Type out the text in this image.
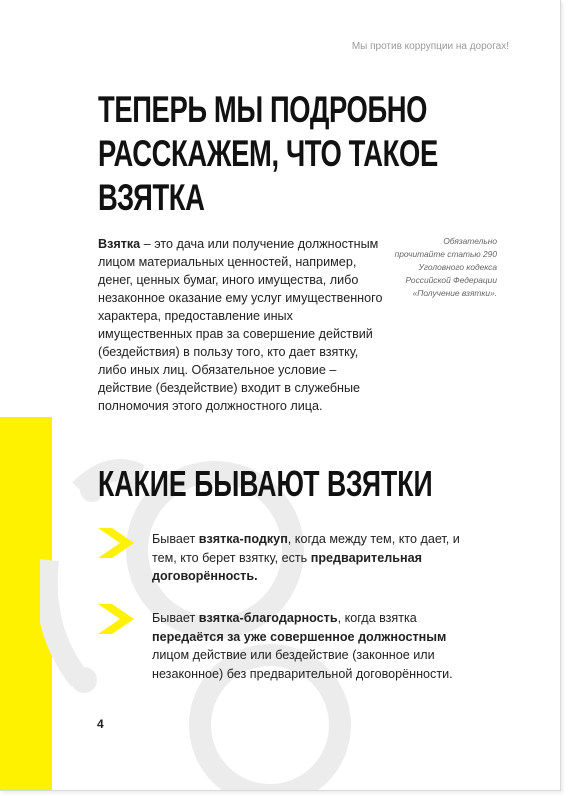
Мы против коррупции на дорогах!
ТЕПЕРЬ МЫ ПОДРОБНО
РАССКАЖЕМ, ЧТО ТАКОЕ ВЗЯТКА
Взятка – это дача или получение должностным лицом материальных ценностей, например, денег, ценных бумаг, иного имущества, либо незаконное оказание ему услуг имущественного характера, предоставление иных имущественных прав за совершение действий (бездействия) в пользу того, кто дает взятку, либо иных лиц. Обязательное условие – действие (бездействие) входит в служебные полномочия этого должностного лица.
Обязательно прочитайте статью 290 Уголовного кодекса Российской Федерации «Получение взятки».
КАКИЕ БЫВАЮТ ВЗЯТКИ
Бывает взятка-подкуп, когда между тем, кто дает, и тем, кто берет взятку, есть предварительная договорённость.
Бывает взятка-благодарность, когда взятка передаётся за уже совершенное должностным лицом действие или бездействие (законное или незаконное) без предварительной договорённости.
4
